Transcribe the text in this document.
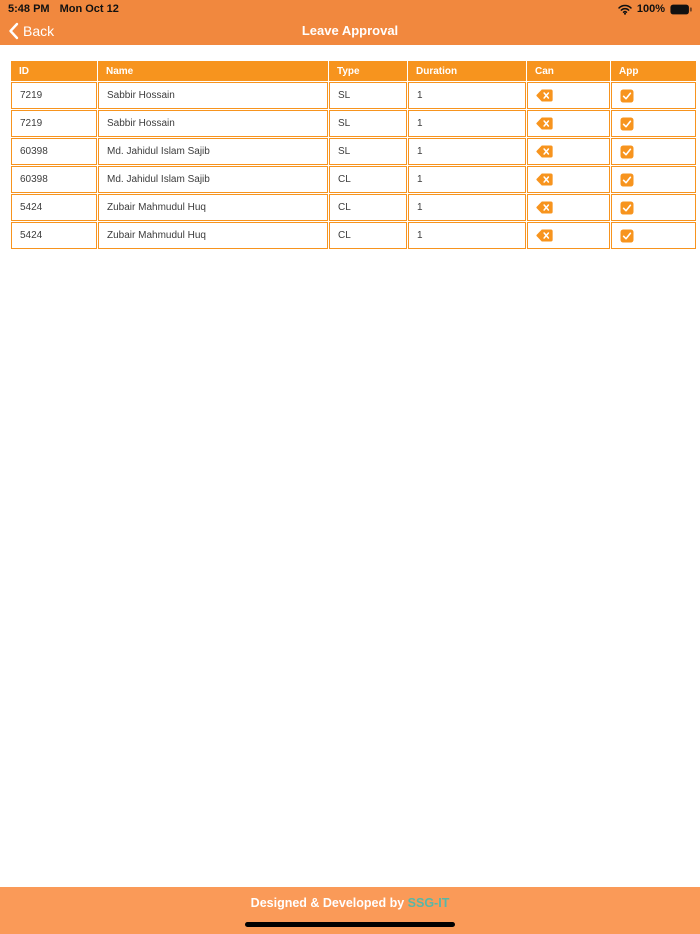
5:48 PM Mon Oct 12	100%
Back	Leave Approval
ID	Name	Type	Duration	Can	App
7219	Sabbir Hossain	SL	1	

7219	Sabbir Hossain	SL	1	

60398	Md. Jahidul Islam Sajib	SL	1	

60398	Md. Jahidul Islam Sajib	CL	1	

5424	Zubair Mahmudul Huq	CL	1	

5424	Zubair Mahmudul Huq	CL	1	

Designed & Developed by SSG-IT
